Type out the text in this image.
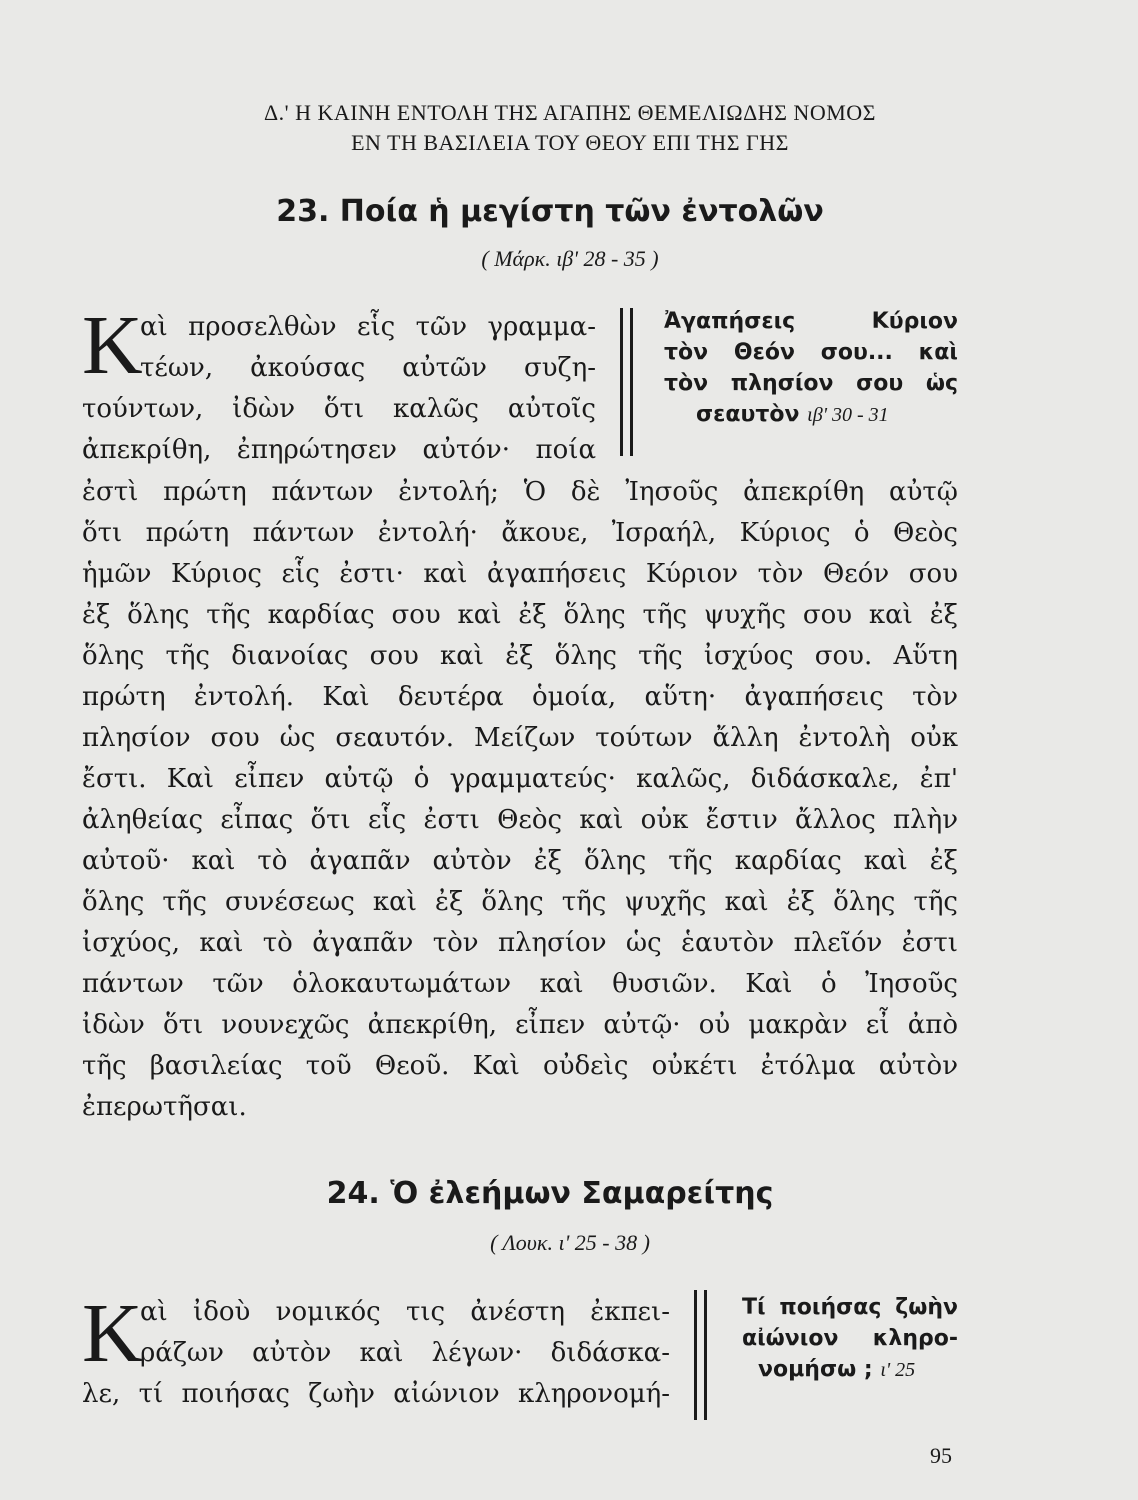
Δ.' Η ΚΑΙΝΗ ΕΝΤΟΛΗ ΤΗΣ ΑΓΑΠΗΣ ΘΕΜΕΛΙΩΔΗΣ ΝΟΜΟΣ
ΕΝ ΤΗ ΒΑΣΙΛΕΙΑ ΤΟΥ ΘΕΟΥ ΕΠΙ ΤΗΣ ΓΗΣ
23. Ποία ἡ μεγίστη τῶν ἐντολῶν
( Μάρκ. ιβ' 28 - 35 )
Κ
αὶ προσελθὼν εἷς τῶν γραμμα-
τέων, ἀκούσας αὐτῶν συζη-
τούντων, ἰδὼν ὅτι καλῶς αὐτοῖς
ἀπεκρίθη, ἐπηρώτησεν αὐτόν· ποία
Ἀγαπήσεις Κύριον
τὸν Θεόν σου... καὶ
τὸν πλησίον σου ὡς
σεαυτὸν ιβ' 30 - 31
ἐστὶ πρώτη πάντων ἐντολή; Ὁ δὲ Ἰησοῦς ἀπεκρίθη αὐτῷ
ὅτι πρώτη πάντων ἐντολή· ἄκουε, Ἰσραήλ, Κύριος ὁ Θεὸς
ἡμῶν Κύριος εἷς ἐστι· καὶ ἀγαπήσεις Κύριον τὸν Θεόν σου
ἐξ ὅλης τῆς καρδίας σου καὶ ἐξ ὅλης τῆς ψυχῆς σου καὶ ἐξ
ὅλης τῆς διανοίας σου καὶ ἐξ ὅλης τῆς ἰσχύος σου. Αὕτη
πρώτη ἐντολή. Καὶ δευτέρα ὁμοία, αὕτη· ἀγαπήσεις τὸν
πλησίον σου ὡς σεαυτόν. Μείζων τούτων ἄλλη ἐντολὴ οὐκ
ἔστι. Καὶ εἶπεν αὐτῷ ὁ γραμματεύς· καλῶς, διδάσκαλε, ἐπ'
ἀληθείας εἶπας ὅτι εἷς ἐστι Θεὸς καὶ οὐκ ἔστιν ἄλλος πλὴν
αὐτοῦ· καὶ τὸ ἀγαπᾶν αὐτὸν ἐξ ὅλης τῆς καρδίας καὶ ἐξ
ὅλης τῆς συνέσεως καὶ ἐξ ὅλης τῆς ψυχῆς καὶ ἐξ ὅλης τῆς
ἰσχύος, καὶ τὸ ἀγαπᾶν τὸν πλησίον ὡς ἑαυτὸν πλεῖόν ἐστι
πάντων τῶν ὁλοκαυτωμάτων καὶ θυσιῶν. Καὶ ὁ Ἰησοῦς
ἰδὼν ὅτι νουνεχῶς ἀπεκρίθη, εἶπεν αὐτῷ· οὐ μακρὰν εἶ ἀπὸ
τῆς βασιλείας τοῦ Θεοῦ. Καὶ οὐδεὶς οὐκέτι ἐτόλμα αὐτὸν
ἐπερωτῆσαι.
24. Ὁ ἐλεήμων Σαμαρείτης
( Λουκ. ι' 25 - 38 )
Κ
αὶ ἰδοὺ νομικός τις ἀνέστη ἐκπει-
ράζων αὐτὸν καὶ λέγων· διδάσκα-
λε, τί ποιήσας ζωὴν αἰώνιον κληρονομή-
Τί ποιήσας ζωὴν
αἰώνιον κληρο-
νομήσω ; ι' 25
95
